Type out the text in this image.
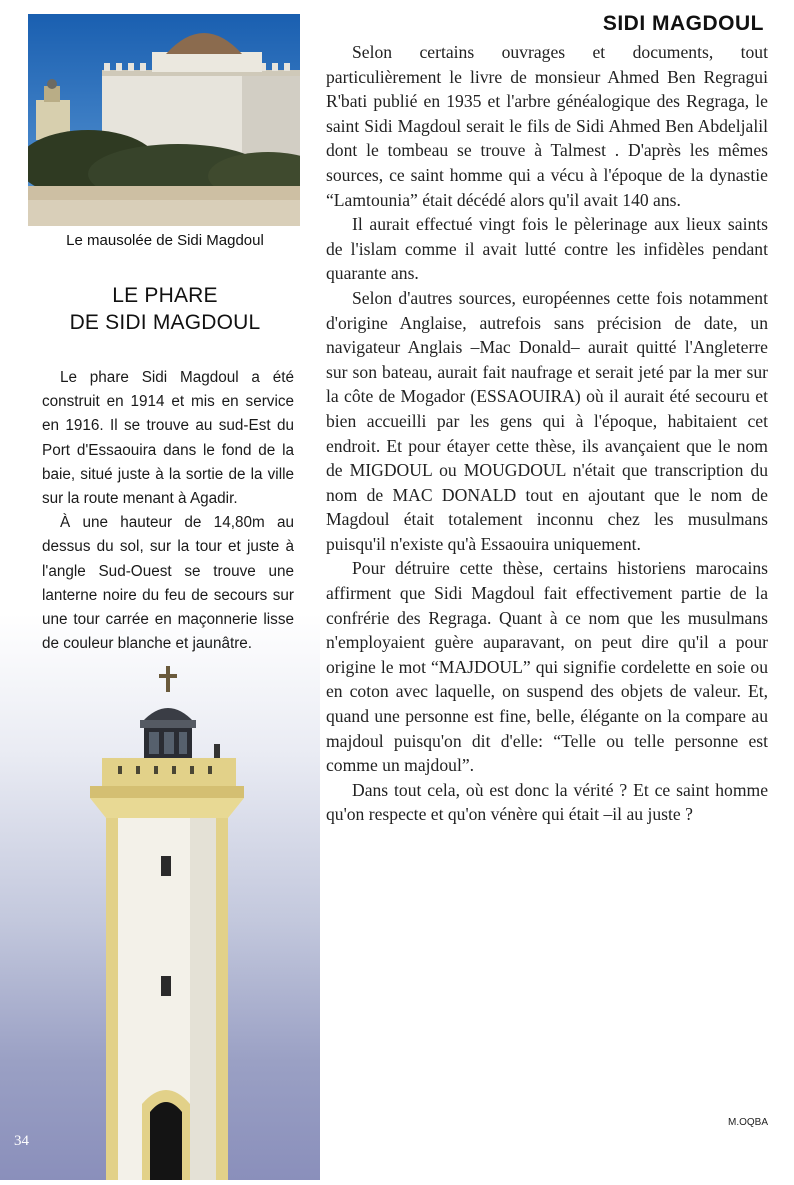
Le mausolée de Sidi Magdoul
LE PHARE
DE SIDI MAGDOUL

Le phare Sidi Magdoul a été construit en 1914 et mis en service en 1916. Il se trouve au sud-Est du Port d'Essaouira dans le fond de la baie, situé juste à la sortie de la ville sur la route menant à Agadir.

À une hauteur de 14,80m au dessus du sol, sur la tour et juste à l'angle Sud-Ouest se trouve une lanterne noire du feu de secours sur une tour carrée en maçonnerie lisse de couleur blanche et jaunâtre.

34
SIDI MAGDOUL

Selon certains ouvrages et documents, tout particulièrement le livre de monsieur Ahmed Ben Regragui R'bati publié en 1935 et l'arbre généalogique des Regraga, le saint Sidi Magdoul serait le fils de Sidi Ahmed Ben Abdeljalil dont le tombeau se trouve à Talmest . D'après les mêmes sources, ce saint homme qui a vécu à l'époque de la dynastie “Lamtounia” était décédé alors qu'il avait 140 ans.

Il aurait effectué vingt fois le pèlerinage aux lieux saints de l'islam comme il avait lutté contre les infidèles pendant quarante ans.

Selon d'autres sources, européennes cette fois notamment d'origine Anglaise, autrefois sans précision de date, un navigateur Anglais –Mac Donald– aurait quitté l'Angleterre sur son bateau, aurait fait naufrage et serait jeté par la mer sur la côte de Mogador (ESSAOUIRA) où il aurait été secouru et bien accueilli par les gens qui à l'époque, habitaient cet endroit. Et pour étayer cette thèse, ils avançaient que le nom de MIGDOUL ou MOUGDOUL n'était que transcription du nom de MAC DONALD tout en ajoutant que le nom de Magdoul était totalement inconnu chez les musulmans puisqu'il n'existe qu'à Essaouira uniquement.

Pour détruire cette thèse, certains historiens marocains affirment que Sidi Magdoul fait effectivement partie de la confrérie des Regraga. Quant à ce nom que les musulmans n'employaient guère auparavant, on peut dire qu'il a pour origine le mot “MAJDOUL” qui signifie cordelette en soie ou en coton avec laquelle, on suspend des objets de valeur. Et, quand une personne est fine, belle, élégante on la compare au majdoul puisqu'on dit d'elle: “Telle ou telle personne est comme un majdoul”.

Dans tout cela, où est donc la vérité ? Et ce saint homme qu'on respecte et qu'on vénère qui était –il au juste ?

M.OQBA
